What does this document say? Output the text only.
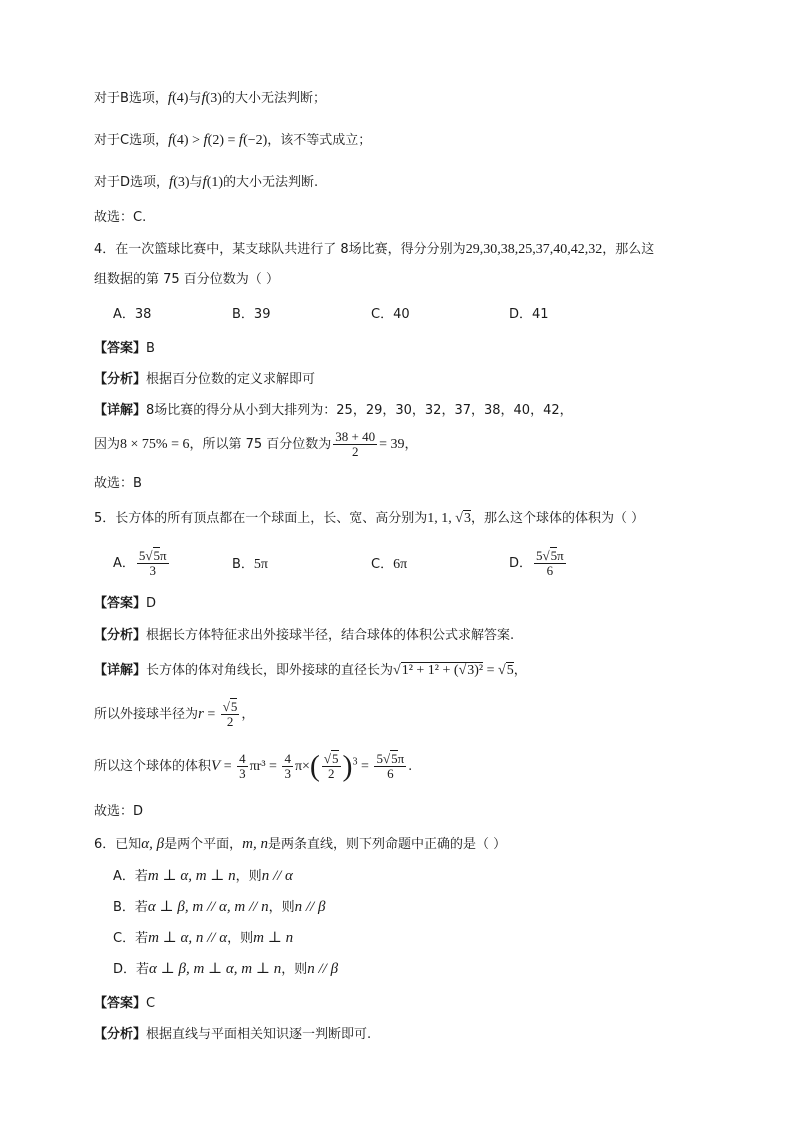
对于B选项，f(4)与f(3)的大小无法判断；
对于C选项，f(4) > f(2) = f(−2)，该不等式成立；
对于D选项，f(3)与f(1)的大小无法判断.
故选：C.
4．在一次篮球比赛中，某支球队共进行了 8场比赛，得分分别为29,30,38,25,37,40,42,32，那么这
组数据的第 75 百分位数为（ ）
A．38	B．39	C．40	D．41
【答案】B
【分析】根据百分位数的定义求解即可
【详解】8场比赛的得分从小到大排列为：25，29，30，32，37，38，40，42，
因为8 × 75% = 6，所以第 75 百分位数为 $\frac{38 + 40}{2} = 39$，
故选：B
5．长方体的所有顶点都在一个球面上，长、宽、高分别为1, 1, √3，那么这个球体的体积为（ ）
A． $\frac{5√5\pi}{3}$	B．5π	C．6π	D． $\frac{5√5\pi}{6}$
【答案】D
【分析】根据长方体特征求出外接球半径，结合球体的体积公式求解答案.
【详解】长方体的体对角线长，即外接球的直径长为√1² + 1² + (√3)² = √5，
所以外接球半径为$r = \frac{√5}{2}$ ，
所以这个球体的体积$V = \frac{4}{3} \pi r^3 = \frac{4}{3} \pi\times( \frac{√5}{2} )^3 = \frac{5√5\pi}{6}$ .
故选：D
6．已知α, β是两个平面，m, n是两条直线，则下列命题中正确的是（ ）
A．若m ⊥ α, m ⊥ n，则n // α
B．若α ⊥ β, m // α, m // n，则n // β
C．若m ⊥ α, n // α，则m ⊥ n
D．若α ⊥ β, m ⊥ α, m ⊥ n，则n // β
【答案】C
【分析】根据直线与平面相关知识逐一判断即可.
